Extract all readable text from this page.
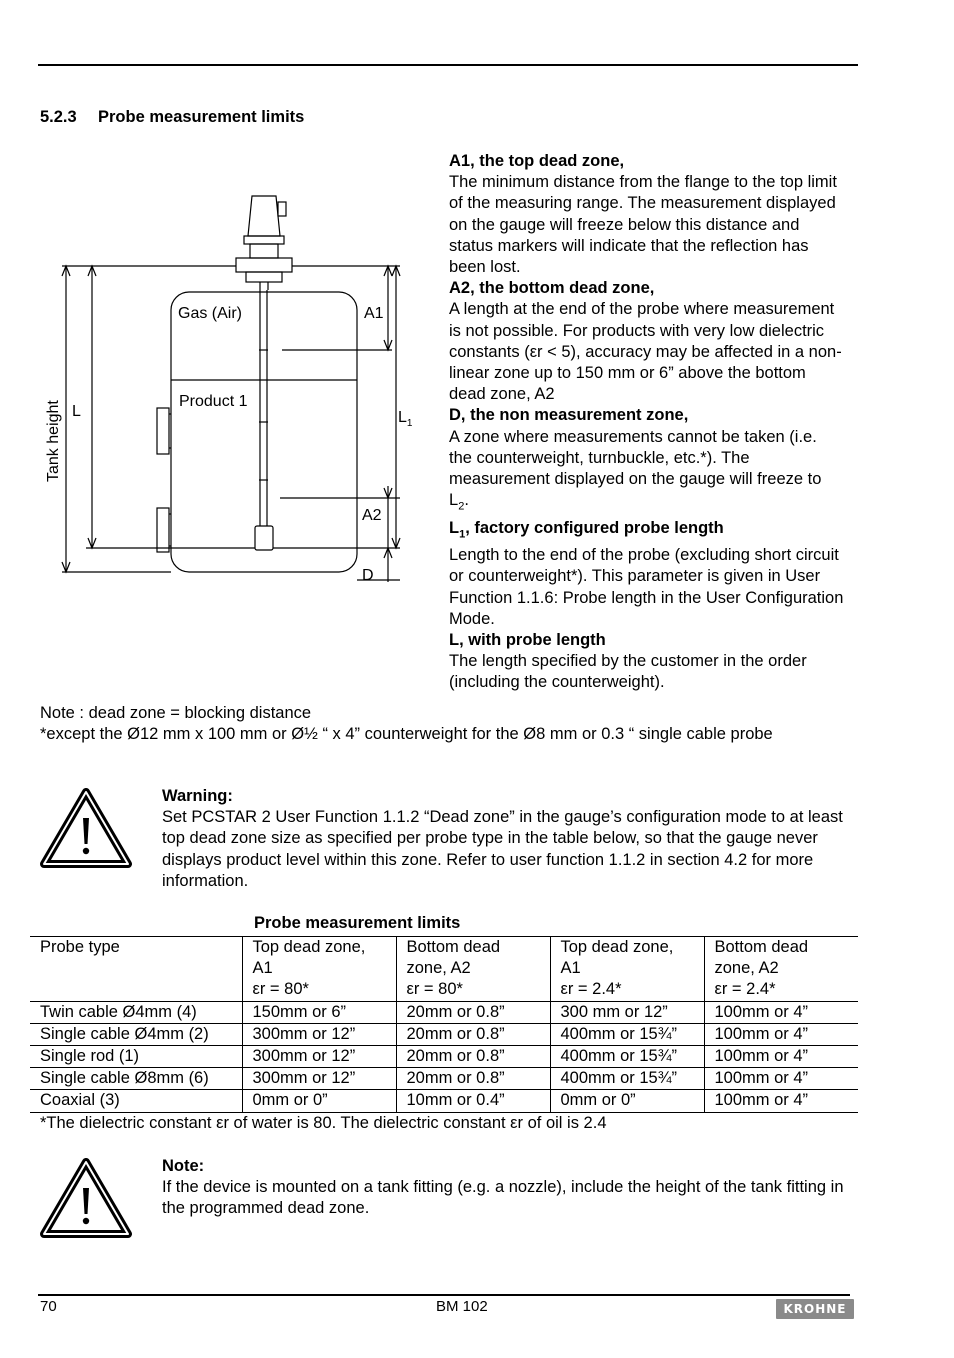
5.2.3 Probe measurement limits
Gas (Air)
Product 1
Tank height L	$L_1$
A1
A2
D

A1, the top dead zone,

The minimum distance from the flange to the top limit of the measuring range. The measurement displayed on the gauge will freeze below this distance and status markers will indicate that the reflection has been lost.

A2, the bottom dead zone,

A length at the end of the probe where measurement is not possible. For products with very low dielectric constants (εr < 5), accuracy may be affected in a non-linear zone up to 150 mm or 6” above the bottom dead zone, A2

D, the non measurement zone,

A zone where measurements cannot be taken (i.e. the counterweight, turnbuckle, etc.*). The measurement displayed on the gauge will freeze to $L_2$.

$L_1$, factory configured probe length

Length to the end of the probe (excluding short circuit or counterweight*). This parameter is given in User Function 1.1.6: Probe length in the User Configuration Mode.

L, with probe length

The length specified by the customer in the order (including the counterweight).

Note : dead zone = blocking distance

*except the Ø12 mm x 100 mm or Ø½ “ x 4” counterweight for the Ø8 mm or 0.3 “ single cable probe

Warning:

Set PCSTAR 2 User Function 1.1.2 “Dead zone” in the gauge’s configuration mode to at least top dead zone size as specified per probe type in the table below, so that the gauge never displays product level within this zone. Refer to user function 1.1.2 in section 4.2 for more information.

Probe measurement limits
Probe type	Top dead zone,
A1
εr = 80*	Bottom dead
zone, A2
εr = 80*	Top dead zone,
A1
εr = 2.4*	Bottom dead
zone, A2
εr = 2.4*
Twin cable Ø4mm (4)	150mm or 6”	20mm or 0.8”	300 mm or 12”	100mm or 4”
Single cable Ø4mm (2)	300mm or 12”	20mm or 0.8”	400mm or 15¾”	100mm or 4”
Single rod (1)	300mm or 12”	20mm or 0.8”	400mm or 15¾”	100mm or 4”
Single cable Ø8mm (6)	300mm or 12”	20mm or 0.8”	400mm or 15¾”	100mm or 4”
Coaxial (3)	0mm or 0”	10mm or 0.4”	0mm or 0”	100mm or 4”
*The dielectric constant εr of water is 80. The dielectric constant εr of oil is 2.4

Note:

If the device is mounted on a tank fitting (e.g. a nozzle), include the height of the tank fitting in the programmed dead zone.

70	BM 102	KROHNE
